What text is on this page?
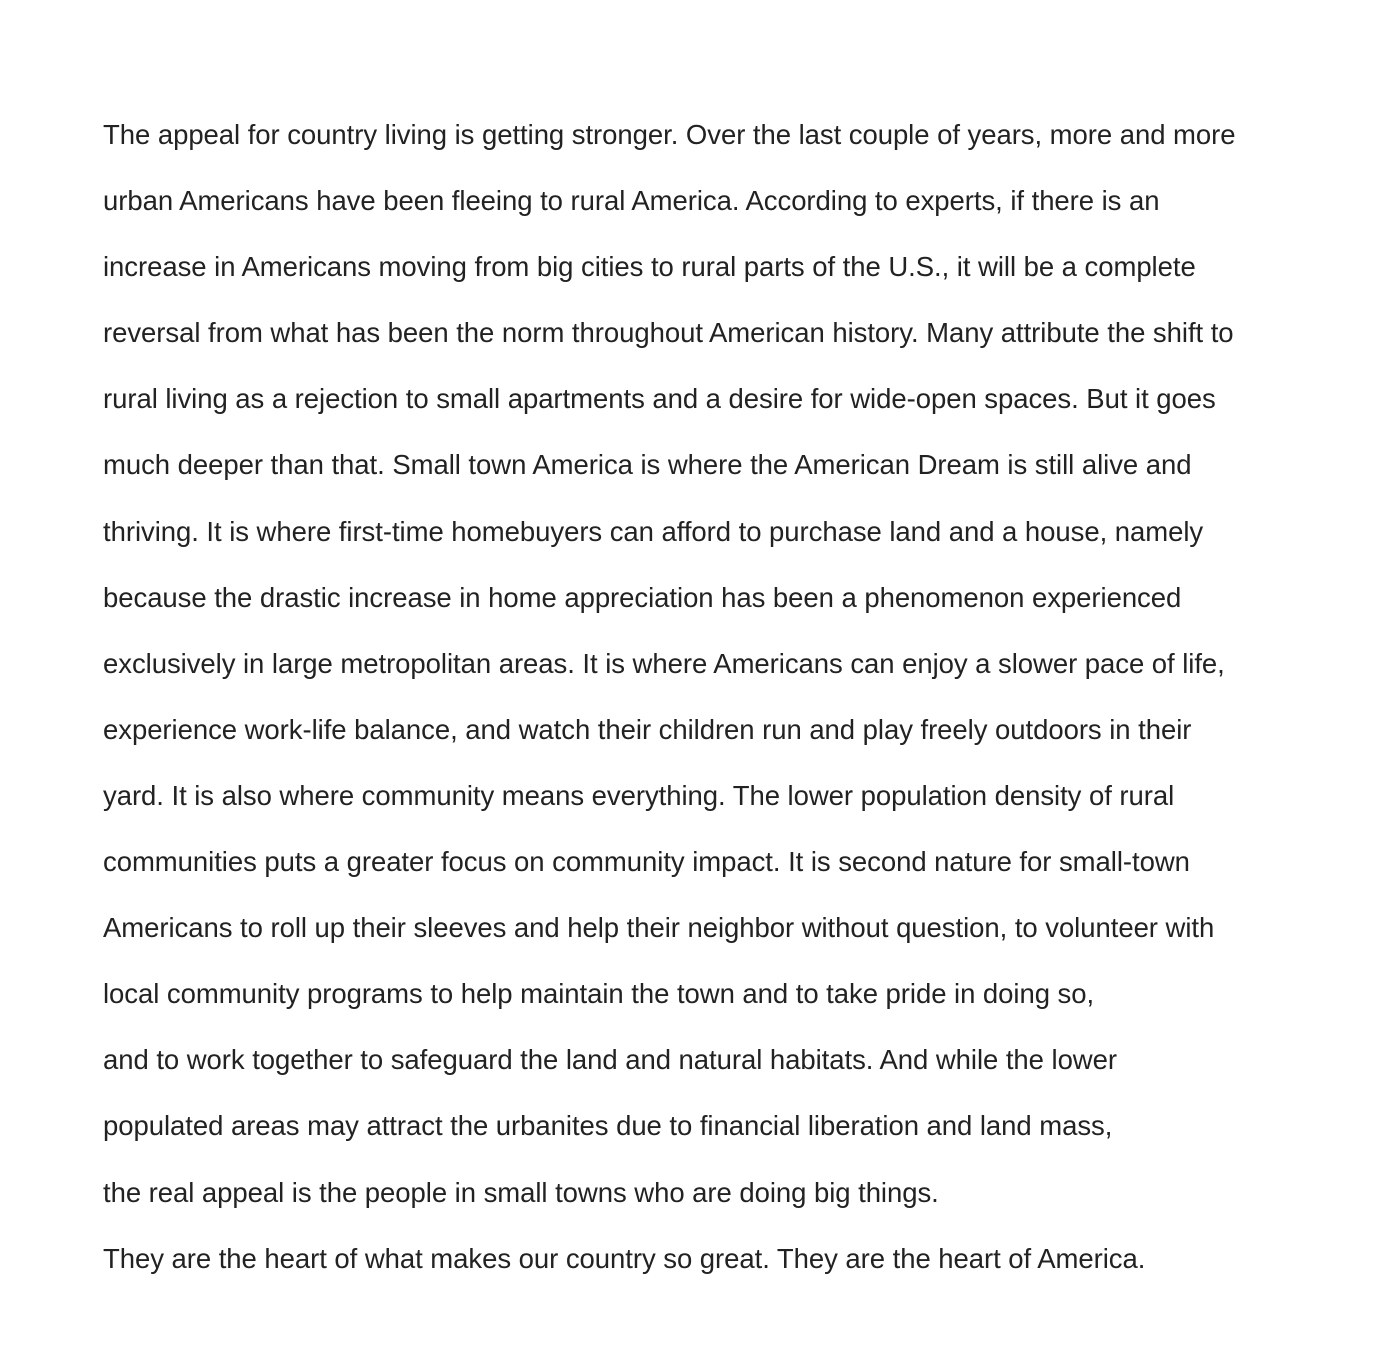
The appeal for country living is getting stronger. Over the last couple of years, more and more
urban Americans have been fleeing to rural America. According to experts, if there is an
increase in Americans moving from big cities to rural parts of the U.S., it will be a complete
reversal from what has been the norm throughout American history. Many attribute the shift to
rural living as a rejection to small apartments and a desire for wide-open spaces. But it goes
much deeper than that. Small town America is where the American Dream is still alive and
thriving. It is where first-time homebuyers can afford to purchase land and a house, namely
because the drastic increase in home appreciation has been a phenomenon experienced
exclusively in large metropolitan areas. It is where Americans can enjoy a slower pace of life,
experience work-life balance, and watch their children run and play freely outdoors in their
yard. It is also where community means everything. The lower population density of rural
communities puts a greater focus on community impact. It is second nature for small-town
Americans to roll up their sleeves and help their neighbor without question, to volunteer with
local community programs to help maintain the town and to take pride in doing so,
and to work together to safeguard the land and natural habitats. And while the lower
populated areas may attract the urbanites due to financial liberation and land mass,
the real appeal is the people in small towns who are doing big things.
They are the heart of what makes our country so great. They are the heart of America.
